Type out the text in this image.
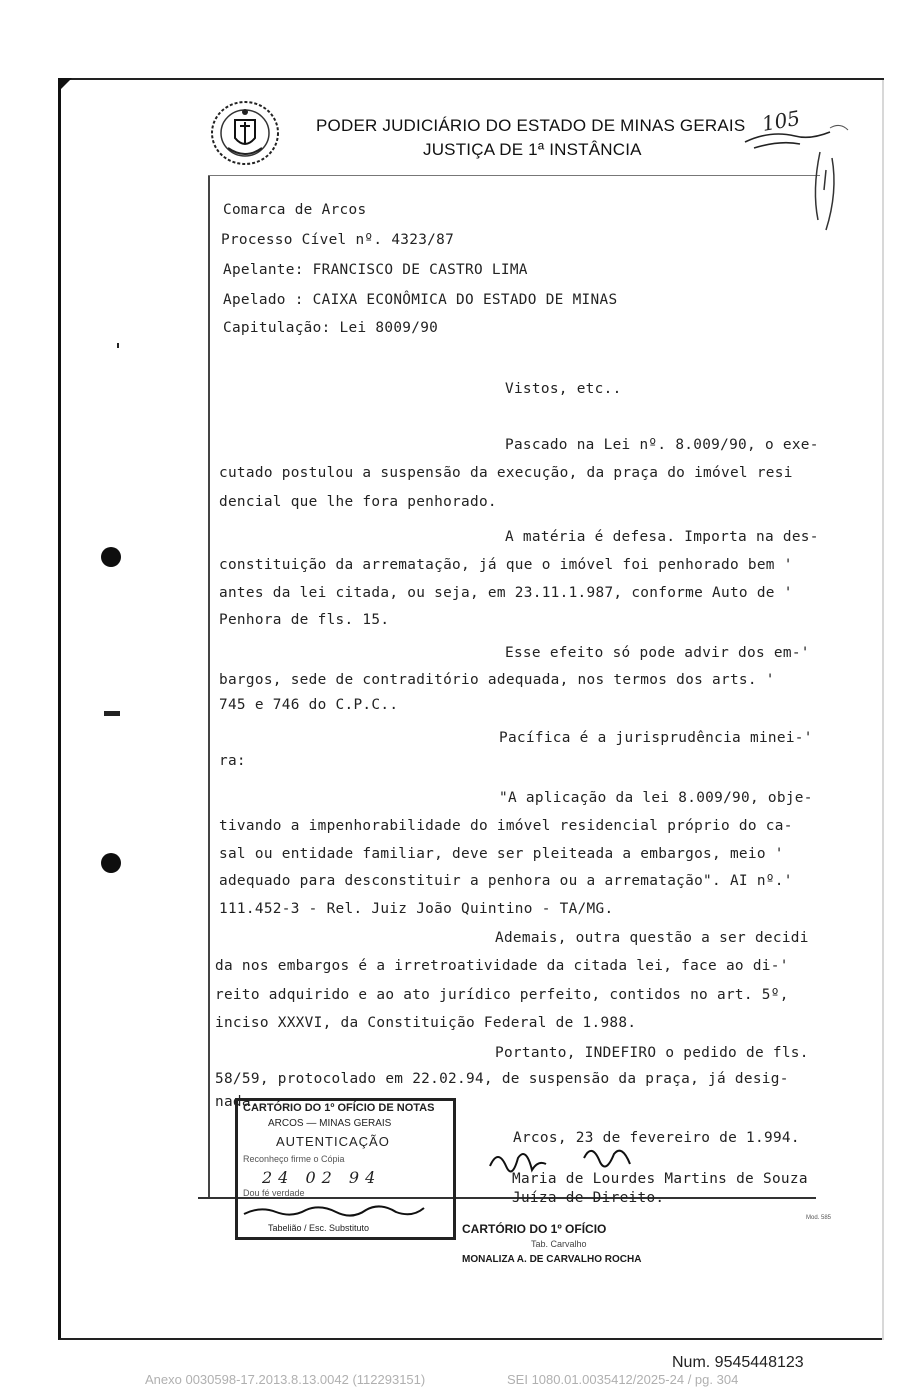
PODER JUDICIÁRIO DO ESTADO DE MINAS GERAIS
JUSTIÇA DE 1ª INSTÂNCIA
105
Comarca de Arcos
Processo Cível nº. 4323/87
Apelante: FRANCISCO DE CASTRO LIMA
Apelado : CAIXA ECONÔMICA DO ESTADO DE MINAS
Capitulação: Lei 8009/90
Vistos, etc..
Pascado na Lei nº. 8.009/90, o exe-
cutado postulou a suspensão da execução, da praça do imóvel resi
dencial que lhe fora penhorado.
A matéria é defesa. Importa na des-
constituição da arrematação, já que o imóvel foi penhorado bem '
antes da lei citada, ou seja, em 23.11.1.987, conforme Auto de '
Penhora de fls. 15.
Esse efeito só pode advir dos em-'
bargos, sede de contraditório adequada, nos termos dos arts. '
745 e 746 do C.P.C..
Pacífica é a jurisprudência minei-'
ra:
"A aplicação da lei 8.009/90, obje-
tivando a impenhorabilidade do imóvel residencial próprio do ca-
sal ou entidade familiar, deve ser pleiteada a embargos, meio '
adequado para desconstituir a penhora ou a arrematação". AI nº.'
111.452-3 - Rel. Juiz João Quintino - TA/MG.
Ademais, outra questão a ser decidi
da nos embargos é a irretroatividade da citada lei, face ao di-'
reito adquirido e ao ato jurídico perfeito, contidos no art. 5º,
inciso XXXVI, da Constituição Federal de 1.988.
Portanto, INDEFIRO o pedido de fls.
58/59, protocolado em 22.02.94, de suspensão da praça, já desig-
nada.
Arcos, 23 de fevereiro de 1.994.
Maria de Lourdes Martins de Souza
Juíza de Direito.
Mod. 585
CARTÓRIO DO 1º OFÍCIO DE NOTAS
ARCOS — MINAS GERAIS
AUTENTICAÇÃO
Reconheço firme o Cópia
24 02 94
Dou fé verdade
Tabelião / Esc. Substituto	CARTÓRIO DO 1º OFÍCIO
Tab. Carvalho
MONALIZA A. DE CARVALHO ROCHA
Num. 9545448123
Anexo 0030598-17.2013.8.13.0042 (112293151)	SEI 1080.01.0035412/2025-24 / pg. 304
